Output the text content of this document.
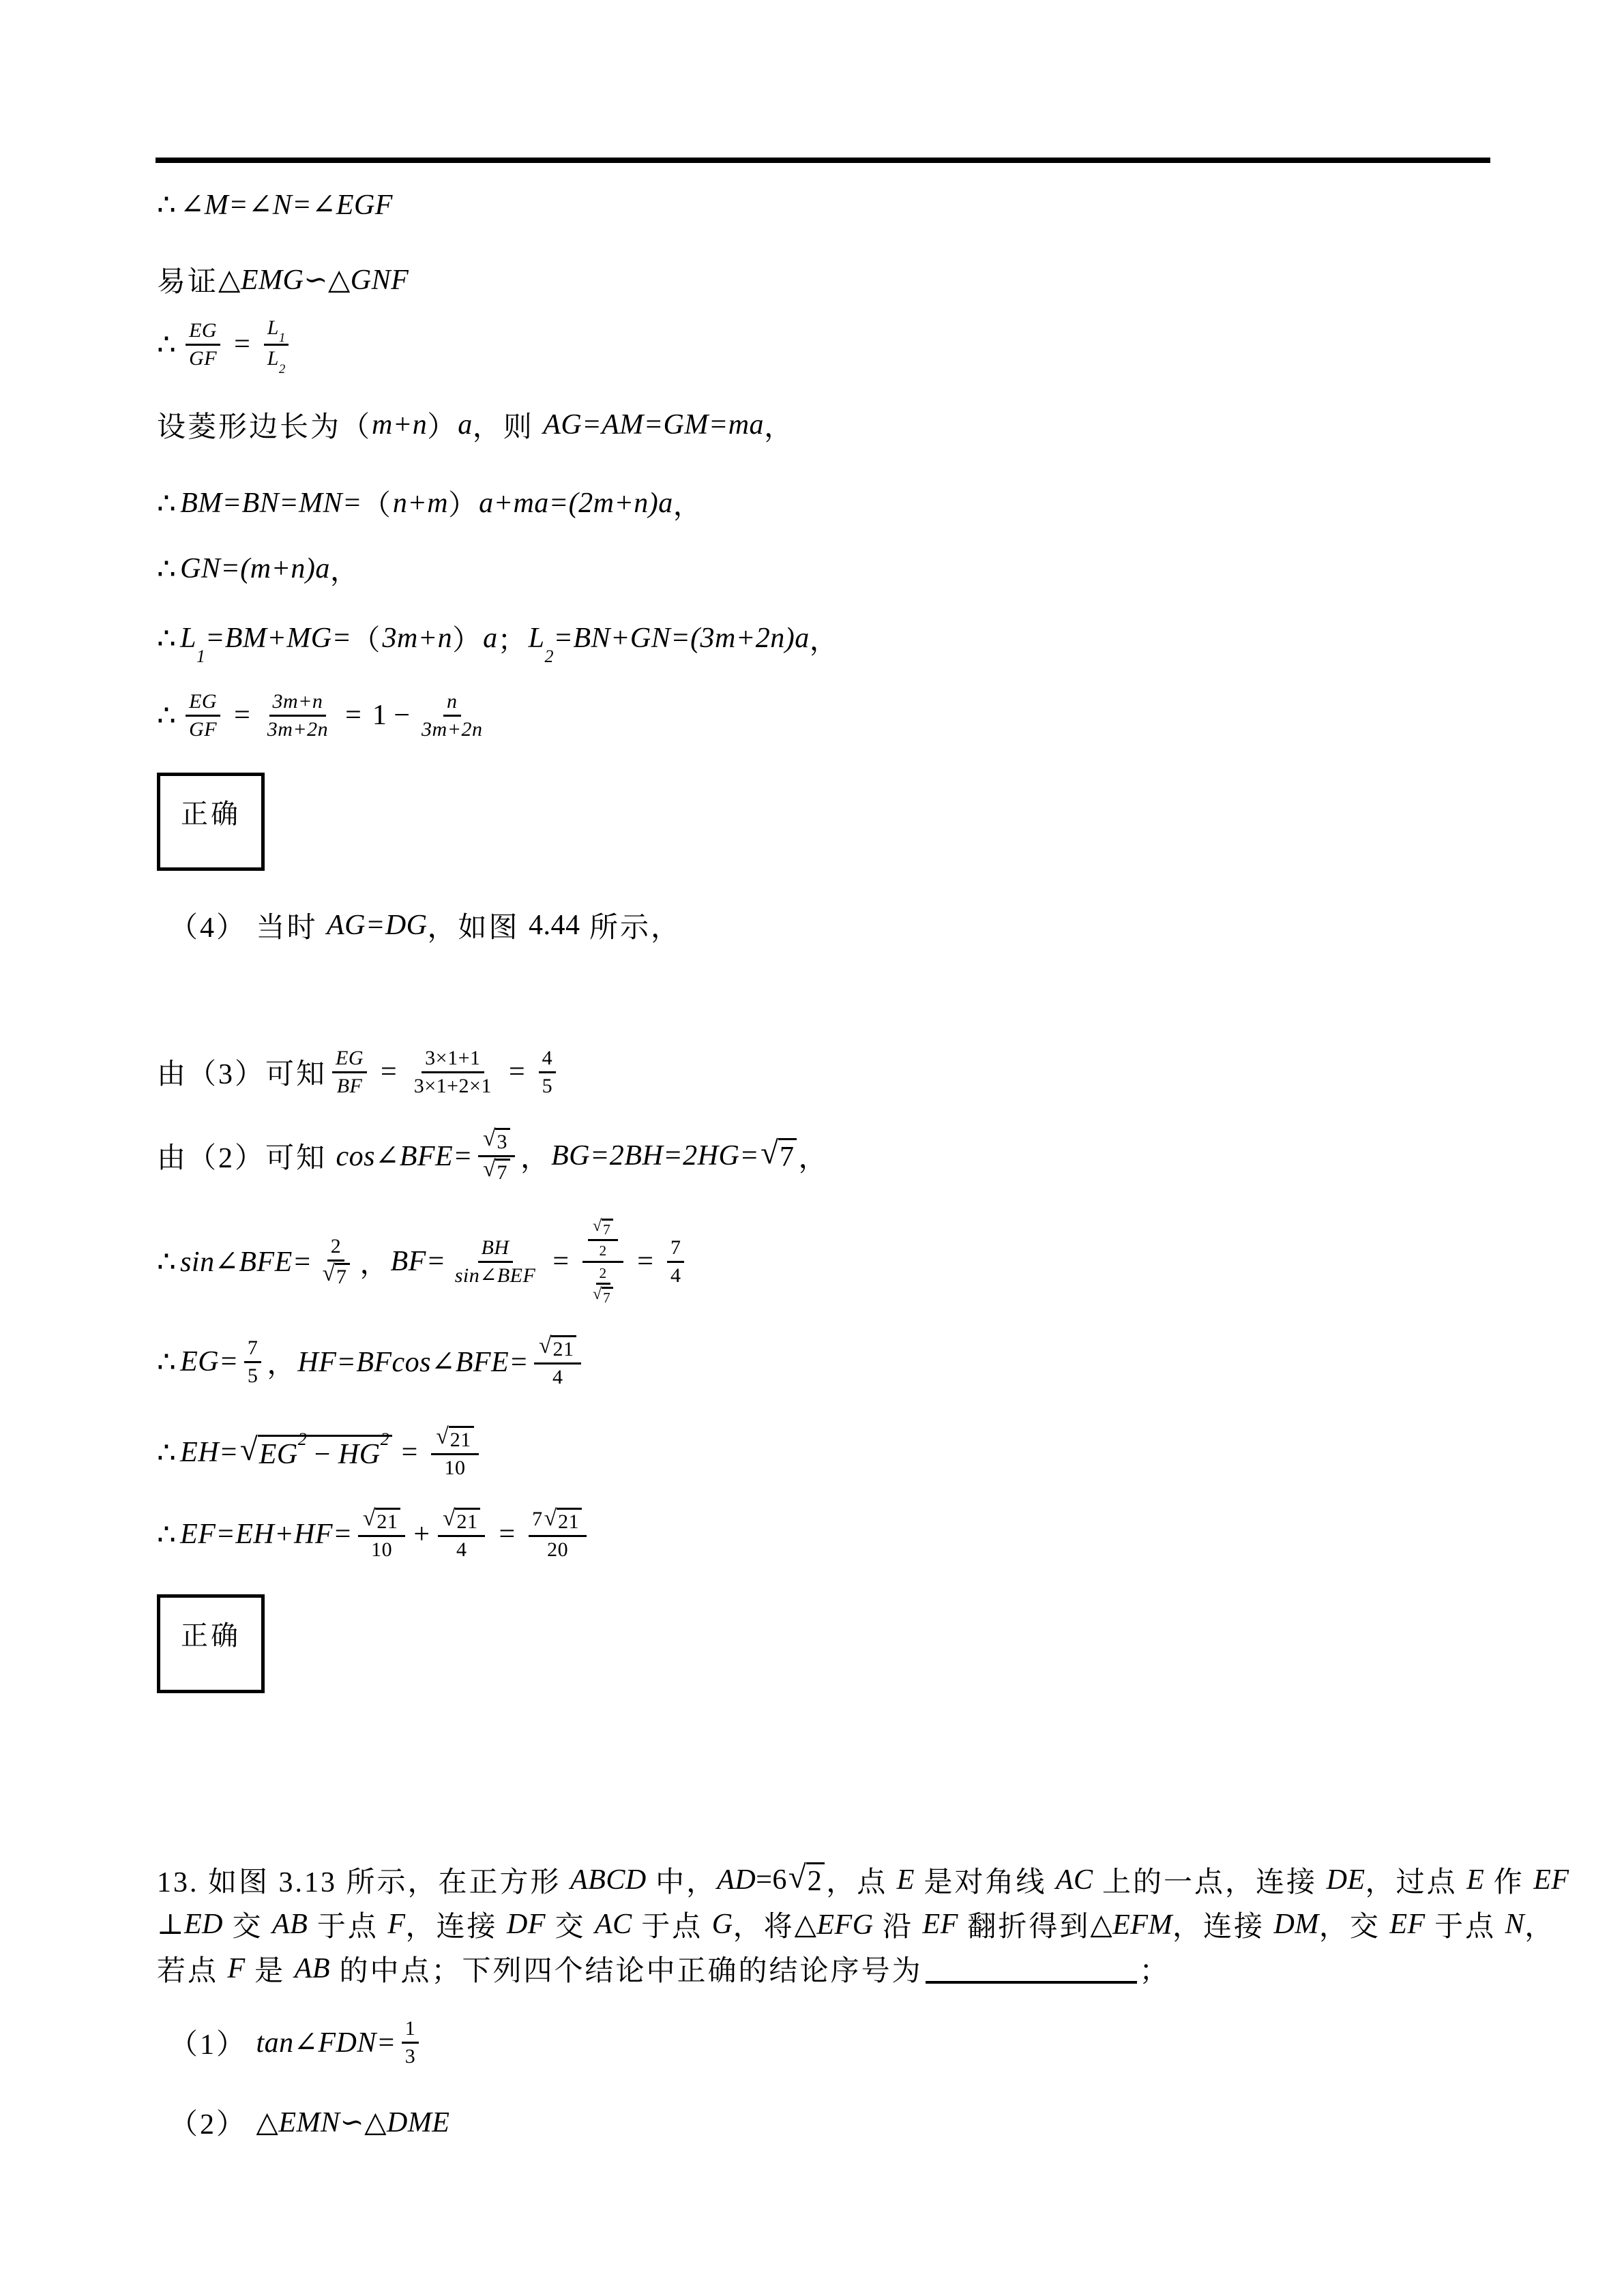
∴ ∠M=∠N=∠EGF
易证 △EMG ∽ △GNF
∴ $\frac{EG}{GF} = \frac{L_1}{L_2}$
设菱形边长为 （ m+n ） a ，则 AG=AM=GM=ma ，
∴ BM=BN=MN= （ n+m ） a+ma=(2m+n)a ，
∴ GN=(m+n)a ，
∴ L
1
=BM+MG= （ 3m+n ） a ； L
2
=BN+GN=(3m+2n)a ，
∴ $\frac{EG}{GF} = \frac{3m+n}{3m+2n} = 1 - \frac{n}{3m+2n}$
正确
（4） 当时 AG=DG ，如图 4.44 所示，
由（3）可知 $\frac{EG}{BF} = \frac{3\times 1+1}{3\times 1+2\times 1} = \frac{4}{5}$
由（2）可知 cos∠BFE= $\frac{√ 3}{√ 7}$ ， BG=2BH=2HG= √ 7 ，
∴ sin∠BFE= $\frac{2}{√ 7}$ ， $BF= \frac{BH}{\text{sin∠BEF}} = \frac{\frac{√ 7}{2}}{\frac{2}{√ 7}} = \frac{7}{4}$
∴ $EG= \frac{7}{5}$ ， HF=BFcos∠BFE= $\frac{√ 21}{4}$
∴ EH= √ $EG^2 - HG^2 = \frac{√ 21}{10}$
∴ $EF=EH+HF= \frac{√ 21}{10} + \frac{√ 21}{4} = \frac{7 √ 21}{20}$
正确
13. 如图 3.13 所示，在正方形 ABCD 中， AD =6 √ 2 ，点 E 是对角线 AC 上的一点，连接 DE ，过点 E 作 EF
⊥ ED 交 AB 于点 F ，连接 DF 交 AC 于点 G ，将 △EFG 沿 EF 翻折得到 △EFM ，连接 DM ，交 EF 于点 N ，
若点 F 是 AB 的中点；下列四个结论中正确的结论序号为	；
（1） tan∠FDN= $\frac{1}{3}$
（2） △EMN ∽ △DME
